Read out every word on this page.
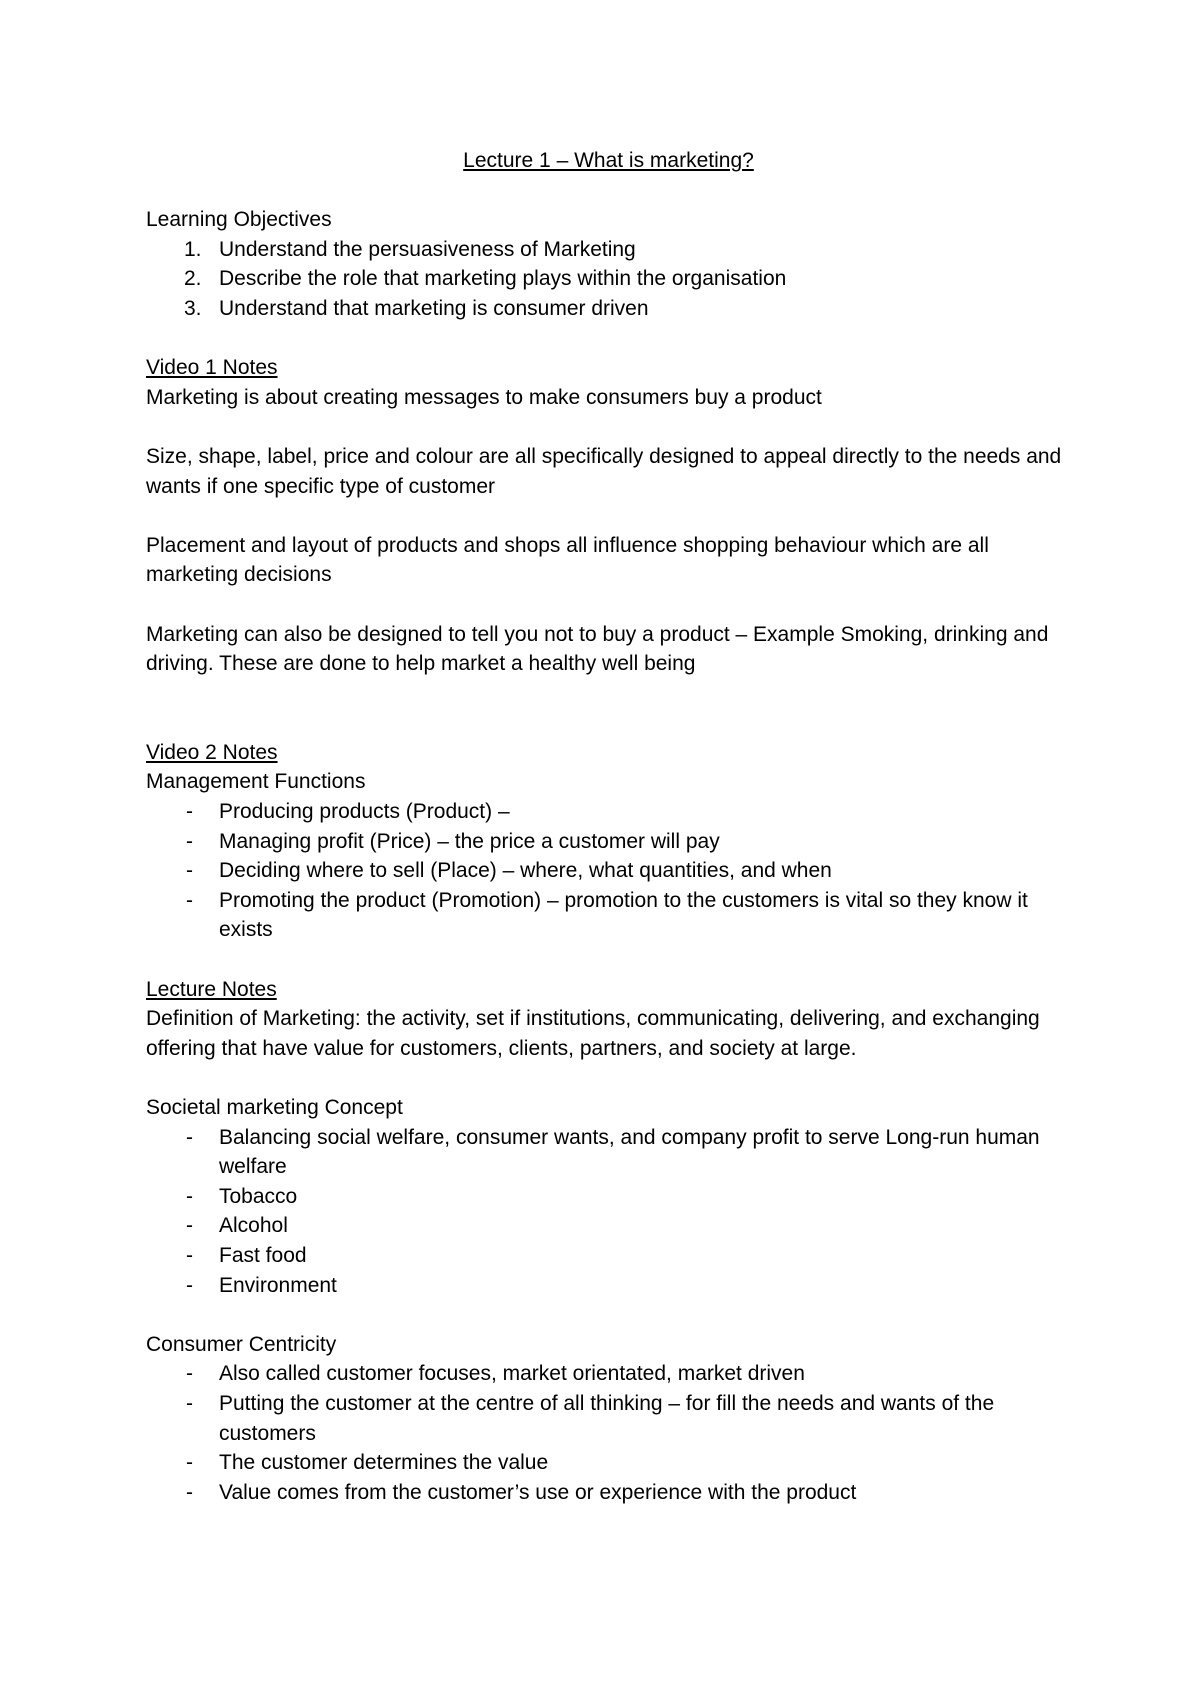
Lecture 1 – What is marketing?

Learning Objectives

1. Understand the persuasiveness of Marketing
2. Describe the role that marketing plays within the organisation
3. Understand that marketing is consumer driven

Video 1 Notes

Marketing is about creating messages to make consumers buy a product

Size, shape, label, price and colour are all specifically designed to appeal directly to the needs and wants if one specific type of customer

Placement and layout of products and shops all influence shopping behaviour which are all marketing decisions

Marketing can also be designed to tell you not to buy a product – Example Smoking, drinking and driving. These are done to help market a healthy well being

Video 2 Notes

Management Functions

- Producing products (Product) –
- Managing profit (Price) – the price a customer will pay
- Deciding where to sell (Place) – where, what quantities, and when
- Promoting the product (Promotion) – promotion to the customers is vital so they know it exists

Lecture Notes

Definition of Marketing: the activity, set if institutions, communicating, delivering, and exchanging offering that have value for customers, clients, partners, and society at large.

Societal marketing Concept

- Balancing social welfare, consumer wants, and company profit to serve Long-run human welfare
- Tobacco
- Alcohol
- Fast food
- Environment

Consumer Centricity

- Also called customer focuses, market orientated, market driven
- Putting the customer at the centre of all thinking – for fill the needs and wants of the customers
- The customer determines the value
- Value comes from the customer’s use or experience with the product
